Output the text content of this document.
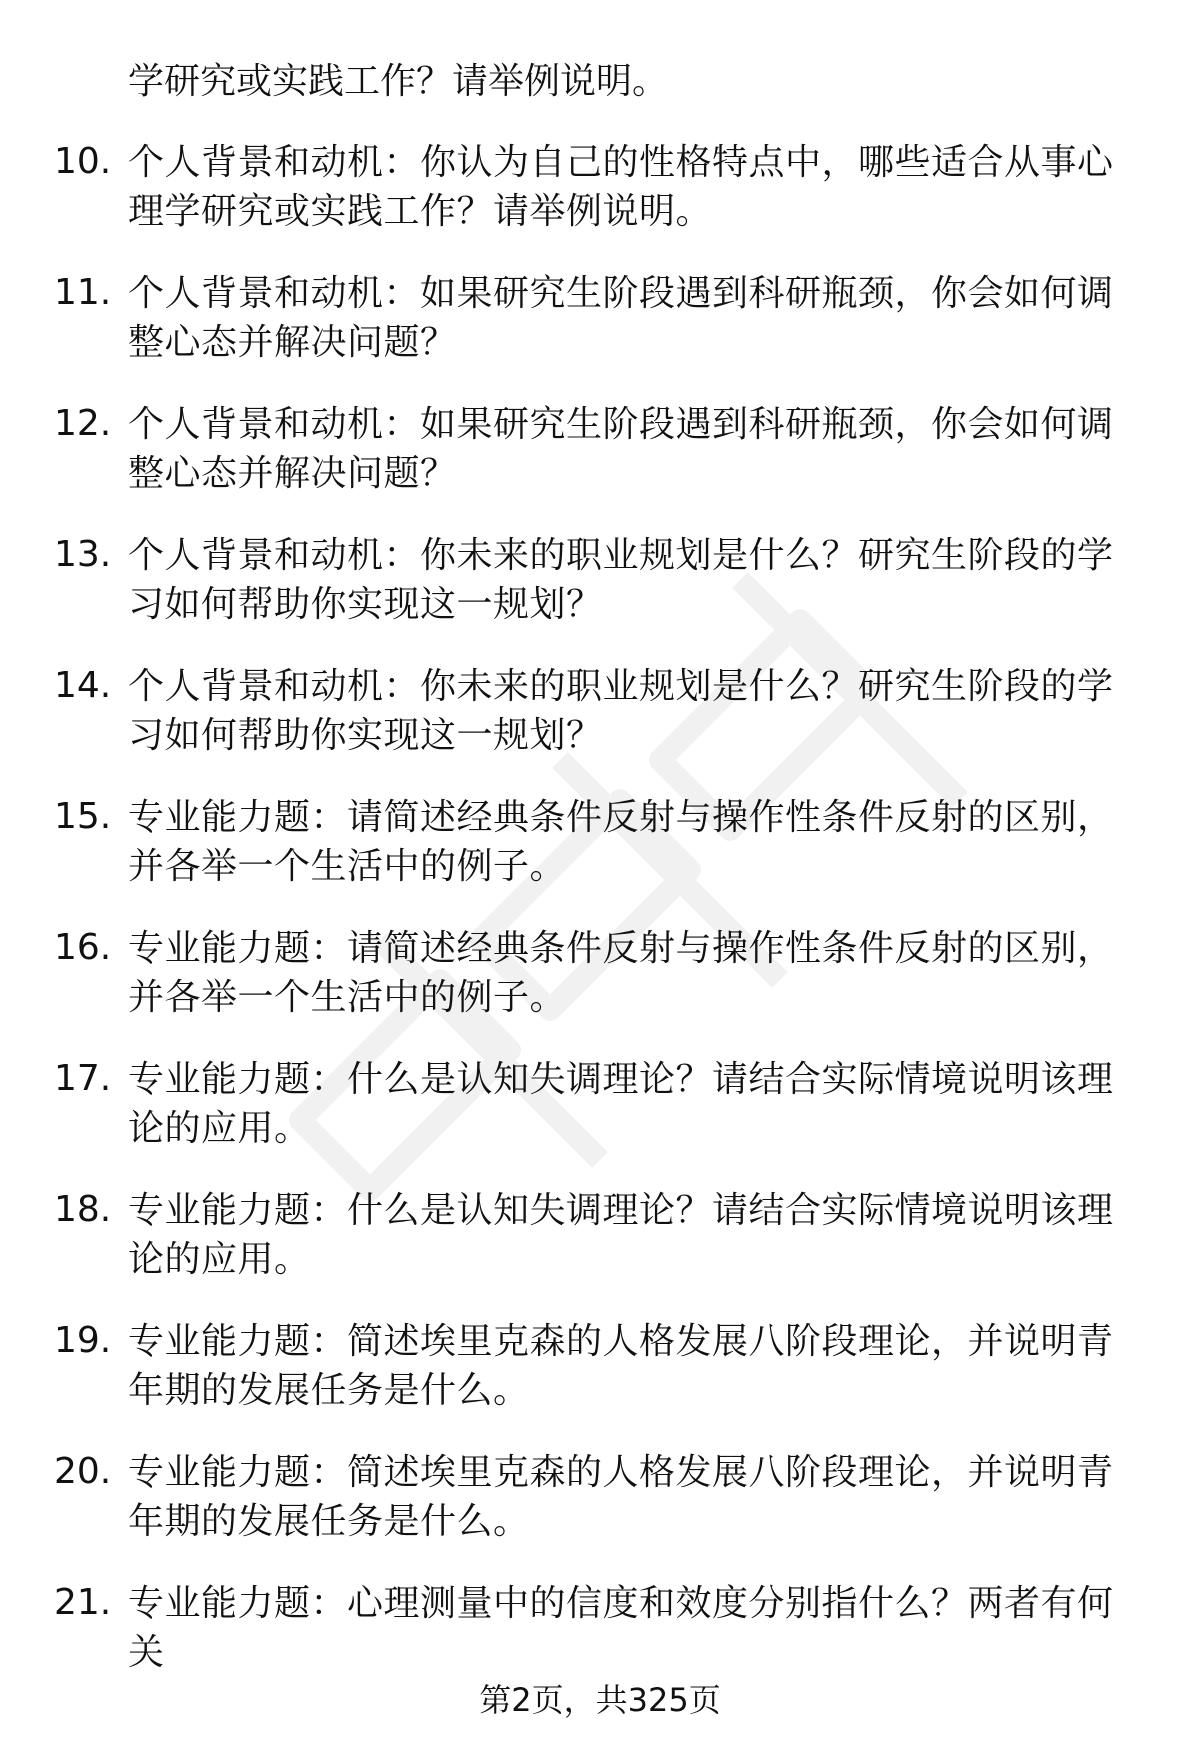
学研究或实践工作？请举例说明。
10. 个人背景和动机：你认为自己的性格特点中，哪些适合从事心理学研究或实践工作？请举例说明。
11. 个人背景和动机：如果研究生阶段遇到科研瓶颈，你会如何调整心态并解决问题？
12. 个人背景和动机：如果研究生阶段遇到科研瓶颈，你会如何调整心态并解决问题？
13. 个人背景和动机：你未来的职业规划是什么？研究生阶段的学习如何帮助你实现这一规划？
14. 个人背景和动机：你未来的职业规划是什么？研究生阶段的学习如何帮助你实现这一规划？
15. 专业能力题：请简述经典条件反射与操作性条件反射的区别，并各举一个生活中的例子。
16. 专业能力题：请简述经典条件反射与操作性条件反射的区别，并各举一个生活中的例子。
17. 专业能力题：什么是认知失调理论？请结合实际情境说明该理论的应用。
18. 专业能力题：什么是认知失调理论？请结合实际情境说明该理论的应用。
19. 专业能力题：简述埃里克森的人格发展八阶段理论，并说明青年期的发展任务是什么。
20. 专业能力题：简述埃里克森的人格发展八阶段理论，并说明青年期的发展任务是什么。
21. 专业能力题：心理测量中的信度和效度分别指什么？两者有何关
第2页，共325页
